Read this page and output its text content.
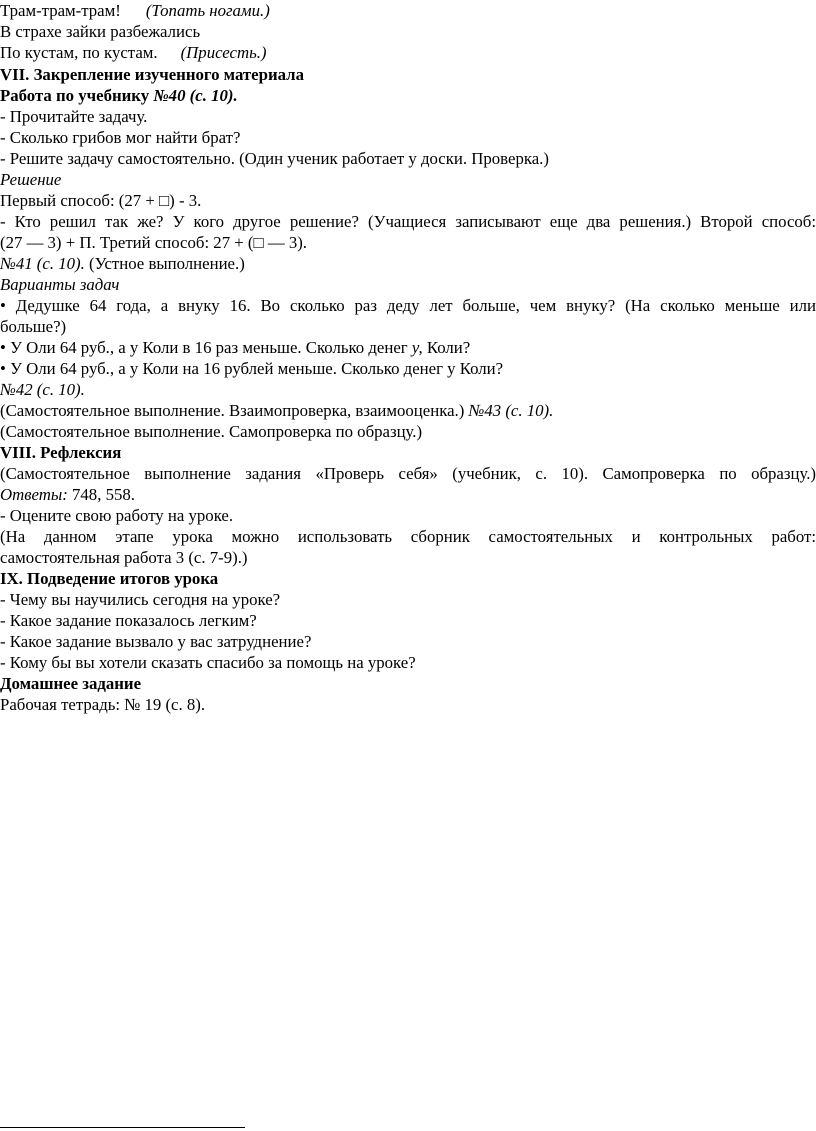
Трам-трам-трам! (Топать ногами.)
В страхе зайки разбежались
По кустам, по кустам. (Присесть.)
VII. Закрепление изученного материала
Работа по учебнику №40 (с. 10).
- Прочитайте задачу.
- Сколько грибов мог найти брат?
- Решите задачу самостоятельно. (Один ученик работает у доски. Проверка.)
Решение
Первый способ: (27 + □) - 3.
- Кто решил так же? У кого другое решение? (Учащиеся записывают еще два решения.) Второй способ:
(27 — 3) + П. Третий способ: 27 + (□ — 3).
№41 (с. 10). (Устное выполнение.)
Варианты задач
• Дедушке 64 года, а внуку 16. Во сколько раз деду лет больше, чем внуку? (На сколько меньше или
больше?)
• У Оли 64 руб., а у Коли в 16 раз меньше. Сколько денег у, Коли?
• У Оли 64 руб., а у Коли на 16 рублей меньше. Сколько денег у Коли?
№42 (с. 10).
(Самостоятельное выполнение. Взаимопроверка, взаимооценка.) №43 (с. 10).
(Самостоятельное выполнение. Самопроверка по образцу.)
VIII. Рефлексия
(Самостоятельное выполнение задания «Проверь себя» (учебник, с. 10). Самопроверка по образцу.)
Ответы: 748, 558.
- Оцените свою работу на уроке.
(На данном этапе урока можно использовать сборник самостоятельных и контрольных работ:
самостоятельная работа 3 (с. 7-9).)
IX. Подведение итогов урока
- Чему вы научились сегодня на уроке?
- Какое задание показалось легким?
- Какое задание вызвало у вас затруднение?
- Кому бы вы хотели сказать спасибо за помощь на уроке?
Домашнее задание
Рабочая тетрадь: № 19 (с. 8).
